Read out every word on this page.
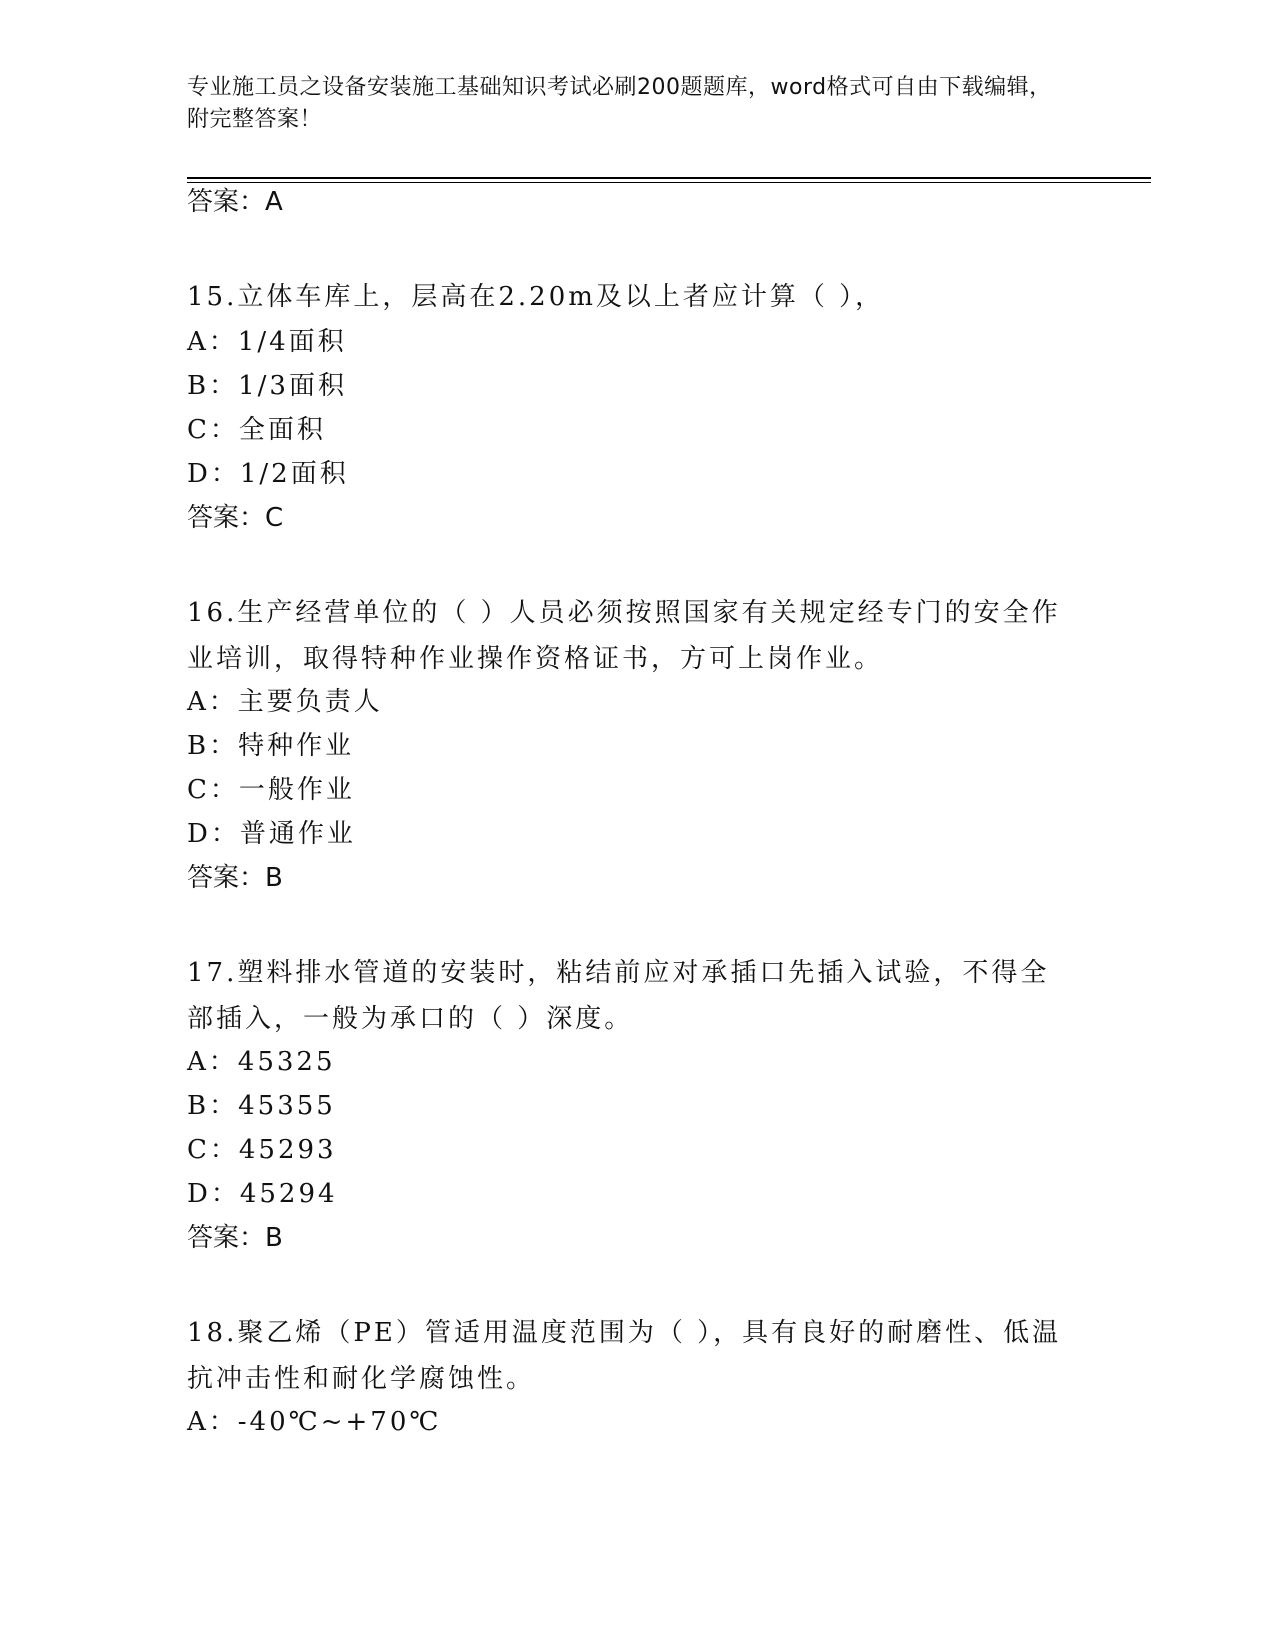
专业施工员之设备安装施工基础知识考试必刷200题题库，word格式可自由下载编辑，附完整答案！
答案：A
15.立体车库上，层高在2.20m及以上者应计算（ ），
A：1/4面积
B：1/3面积
C：全面积
D：1/2面积
答案：C
16.生产经营单位的（ ）人员必须按照国家有关规定经专门的安全作业培训，取得特种作业操作资格证书，方可上岗作业。
A：主要负责人
B：特种作业
C：一般作业
D：普通作业
答案：B
17.塑料排水管道的安装时，粘结前应对承插口先插入试验，不得全部插入，一般为承口的（ ）深度。
A：45325
B：45355
C：45293
D：45294
答案：B
18.聚乙烯（PE）管适用温度范围为（ ），具有良好的耐磨性、低温抗冲击性和耐化学腐蚀性。
A：-40℃~+70℃
